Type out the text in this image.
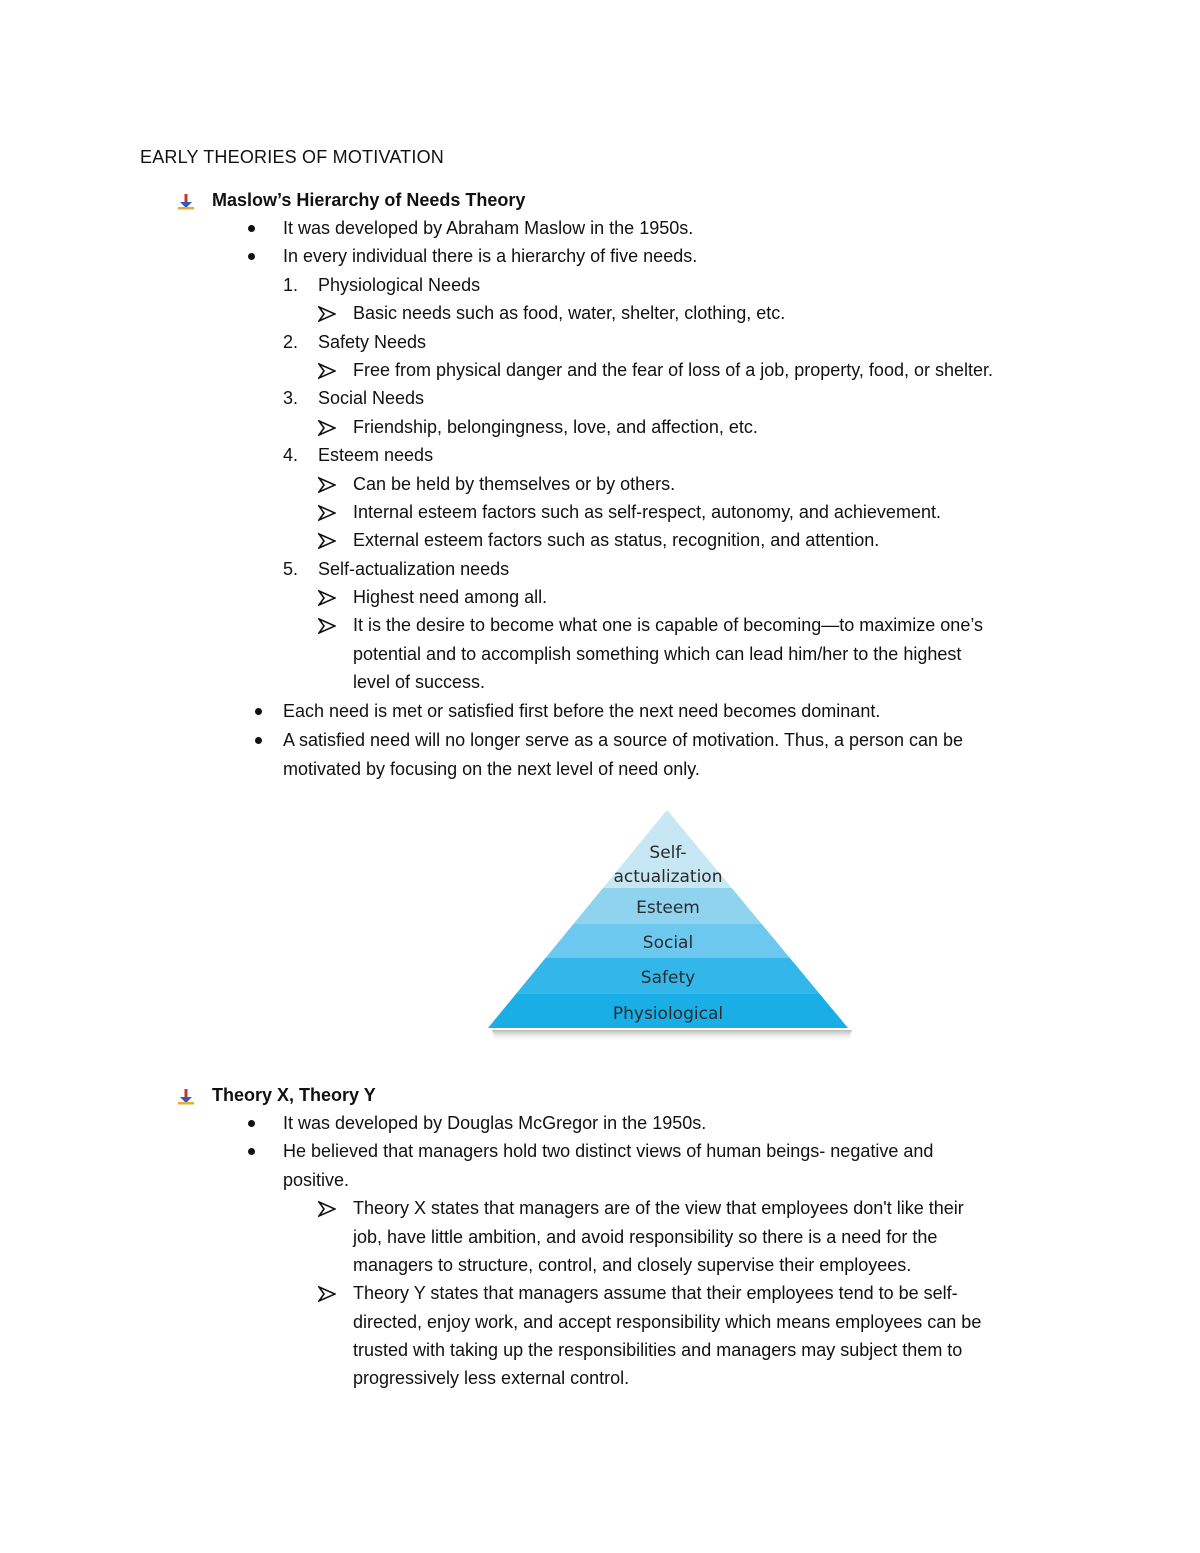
EARLY THEORIES OF MOTIVATION
Maslow’s Hierarchy of Needs Theory
It was developed by Abraham Maslow in the 1950s.
In every individual there is a hierarchy of five needs.
1. Physiological Needs
Basic needs such as food, water, shelter, clothing, etc.
2. Safety Needs
Free from physical danger and the fear of loss of a job, property, food, or shelter.
3. Social Needs
Friendship, belongingness, love, and affection, etc.
4. Esteem needs
Can be held by themselves or by others.
Internal esteem factors such as self-respect, autonomy, and achievement.
External esteem factors such as status, recognition, and attention.
5. Self-actualization needs
Highest need among all.
It is the desire to become what one is capable of becoming—to maximize one’s
potential and to accomplish something which can lead him/her to the highest
level of success.
Each need is met or satisfied first before the next need becomes dominant.
A satisfied need will no longer serve as a source of motivation. Thus, a person can be
motivated by focusing on the next level of need only.
Self-
actualization
Esteem
Social
Safety
Physiological
Theory X, Theory Y
It was developed by Douglas McGregor in the 1950s.
He believed that managers hold two distinct views of human beings- negative and
positive.
Theory X states that managers are of the view that employees don't like their
job, have little ambition, and avoid responsibility so there is a need for the
managers to structure, control, and closely supervise their employees.
Theory Y states that managers assume that their employees tend to be self-
directed, enjoy work, and accept responsibility which means employees can be
trusted with taking up the responsibilities and managers may subject them to
progressively less external control.
